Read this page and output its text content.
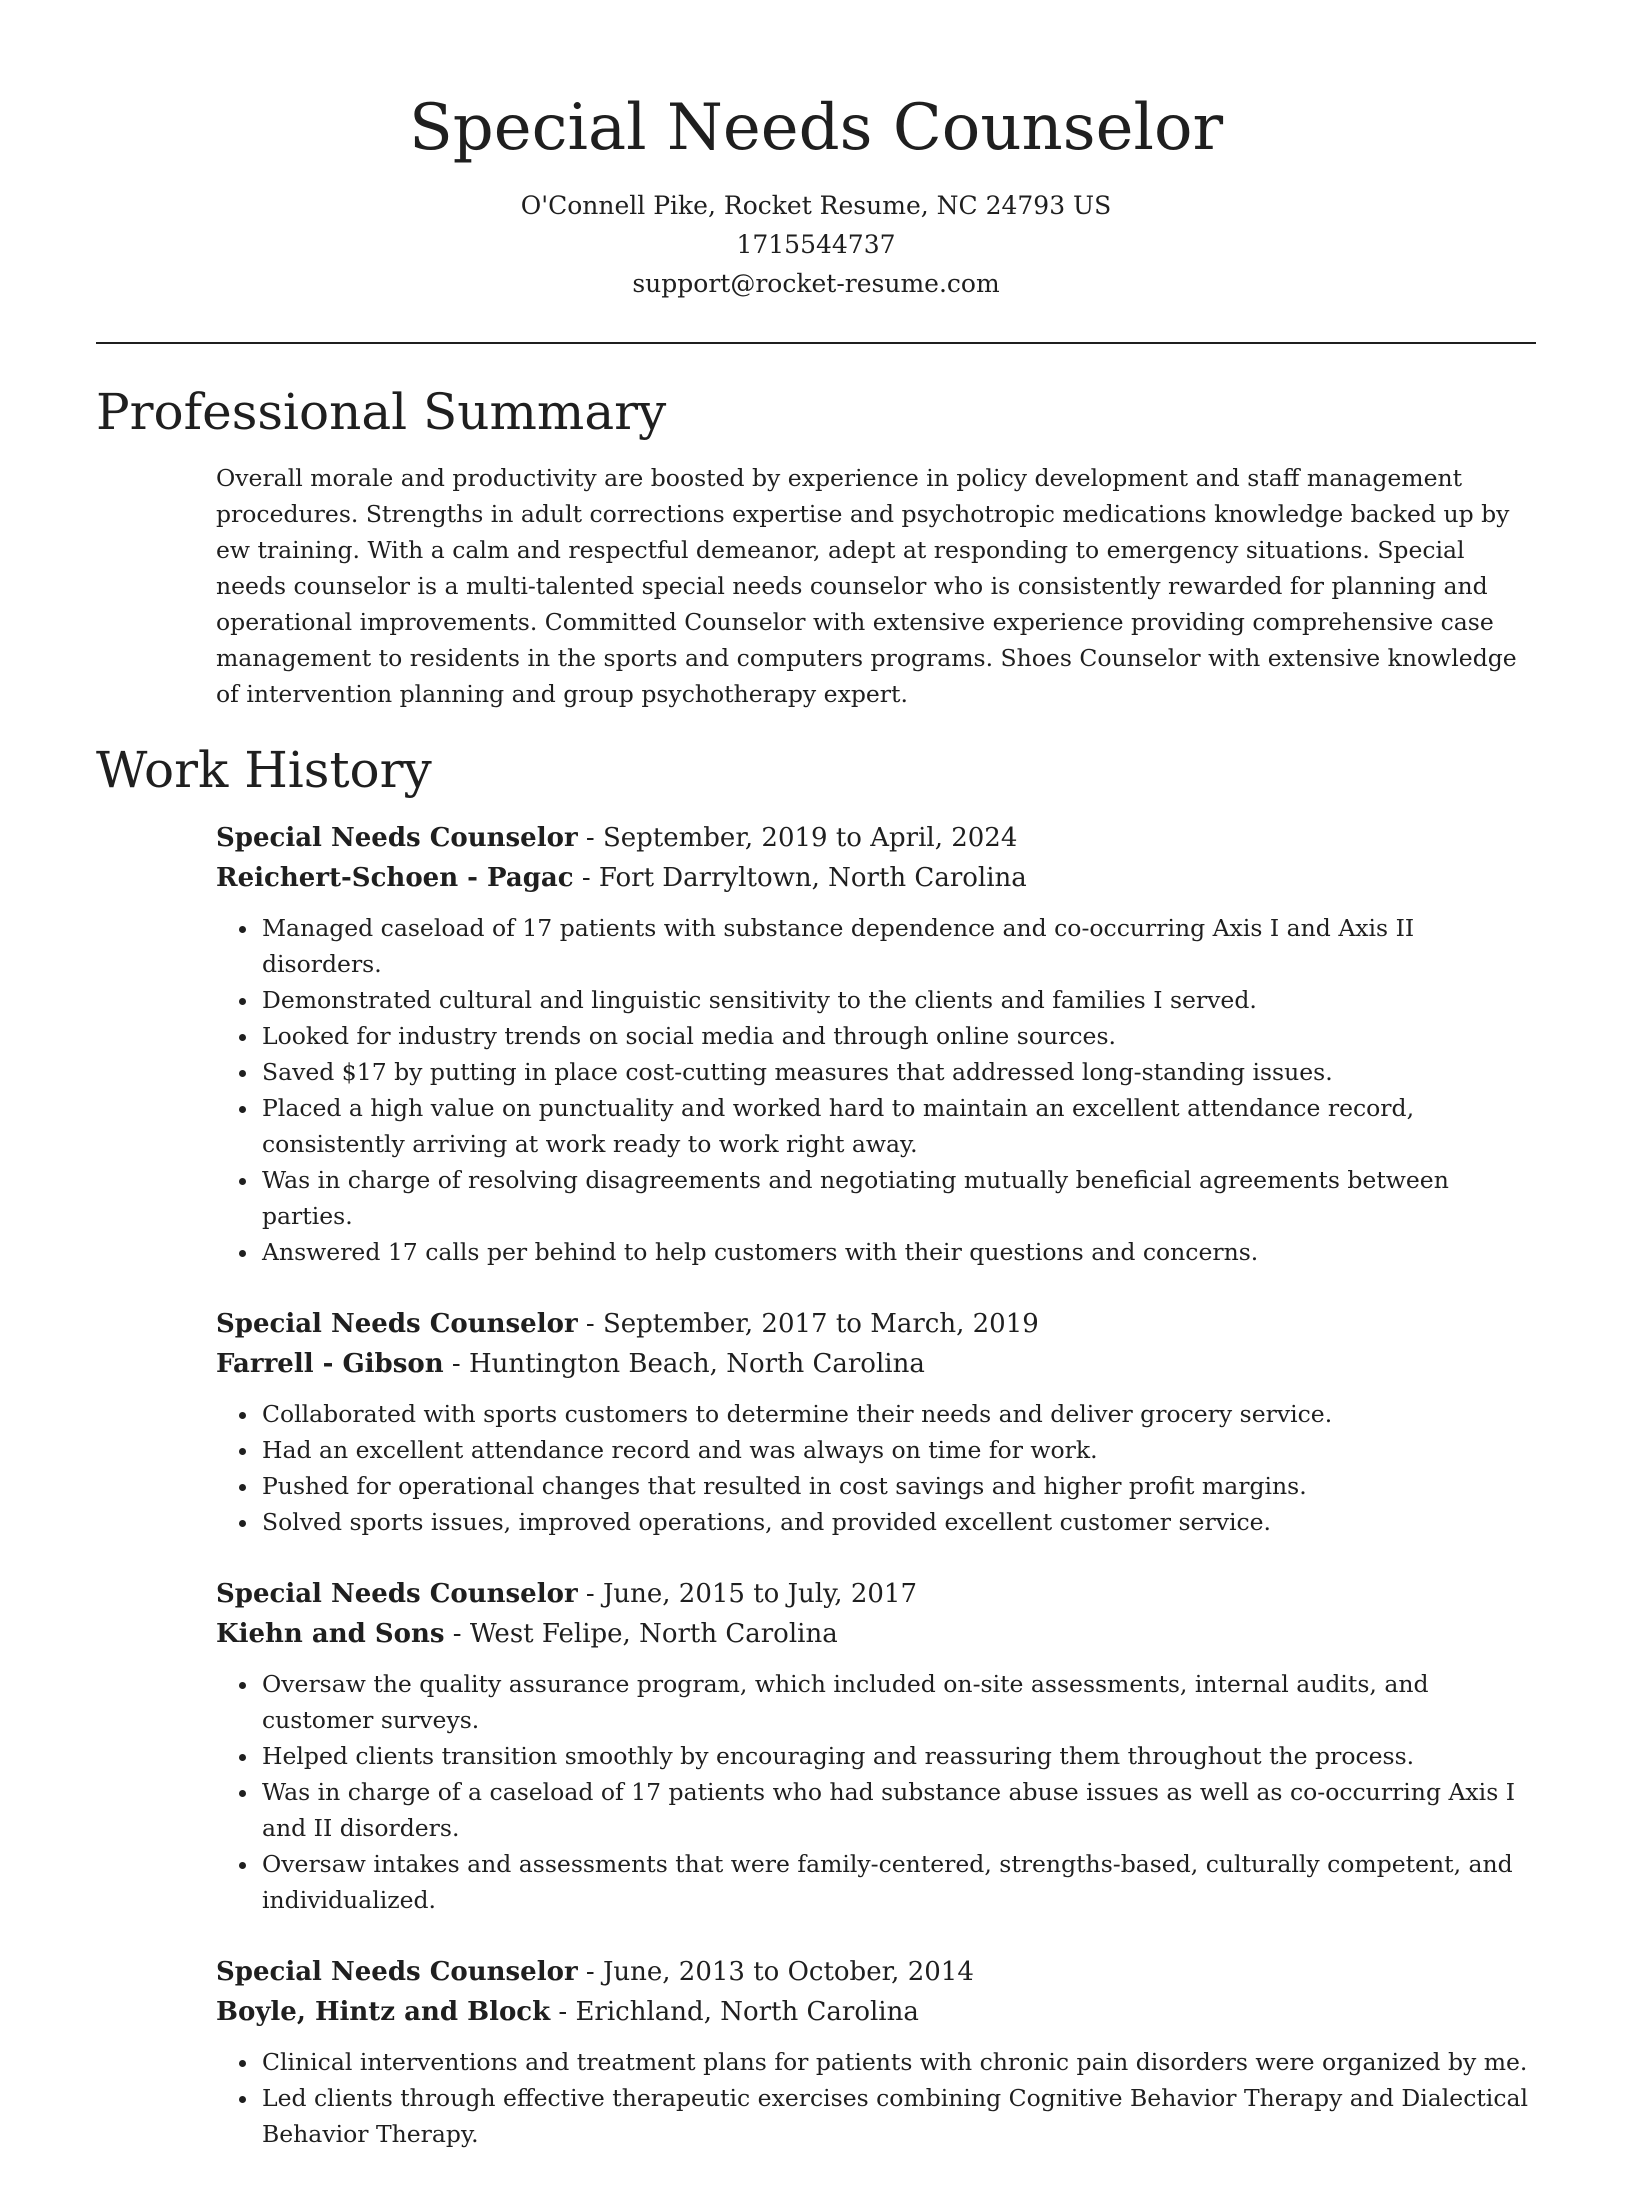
Special Needs Counselor

O'Connell Pike, Rocket Resume, NC 24793 US

1715544737

support@rocket-resume.com

Professional Summary

Overall morale and productivity are boosted by experience in policy development and staff management procedures. Strengths in adult corrections expertise and psychotropic medications knowledge backed up by ew training. With a calm and respectful demeanor, adept at responding to emergency situations. Special needs counselor is a multi-talented special needs counselor who is consistently rewarded for planning and operational improvements. Committed Counselor with extensive experience providing comprehensive case management to residents in the sports and computers programs. Shoes Counselor with extensive knowledge of intervention planning and group psychotherapy expert.

Work History

Special Needs Counselor - September, 2019 to April, 2024

Reichert-Schoen - Pagac - Fort Darryltown, North Carolina

• Managed caseload of 17 patients with substance dependence and co-occurring Axis I and Axis II disorders.
• Demonstrated cultural and linguistic sensitivity to the clients and families I served.
• Looked for industry trends on social media and through online sources.
• Saved $17 by putting in place cost-cutting measures that addressed long-standing issues.
• Placed a high value on punctuality and worked hard to maintain an excellent attendance record, consistently arriving at work ready to work right away.
• Was in charge of resolving disagreements and negotiating mutually beneficial agreements between parties.
• Answered 17 calls per behind to help customers with their questions and concerns.

Special Needs Counselor - September, 2017 to March, 2019

Farrell - Gibson - Huntington Beach, North Carolina

• Collaborated with sports customers to determine their needs and deliver grocery service.
• Had an excellent attendance record and was always on time for work.
• Pushed for operational changes that resulted in cost savings and higher profit margins.
• Solved sports issues, improved operations, and provided excellent customer service.

Special Needs Counselor - June, 2015 to July, 2017

Kiehn and Sons - West Felipe, North Carolina

• Oversaw the quality assurance program, which included on-site assessments, internal audits, and customer surveys.
• Helped clients transition smoothly by encouraging and reassuring them throughout the process.
• Was in charge of a caseload of 17 patients who had substance abuse issues as well as co-occurring Axis I and II disorders.
• Oversaw intakes and assessments that were family-centered, strengths-based, culturally competent, and individualized.

Special Needs Counselor - June, 2013 to October, 2014

Boyle, Hintz and Block - Erichland, North Carolina

• Clinical interventions and treatment plans for patients with chronic pain disorders were organized by me.
• Led clients through effective therapeutic exercises combining Cognitive Behavior Therapy and Dialectical Behavior Therapy.
